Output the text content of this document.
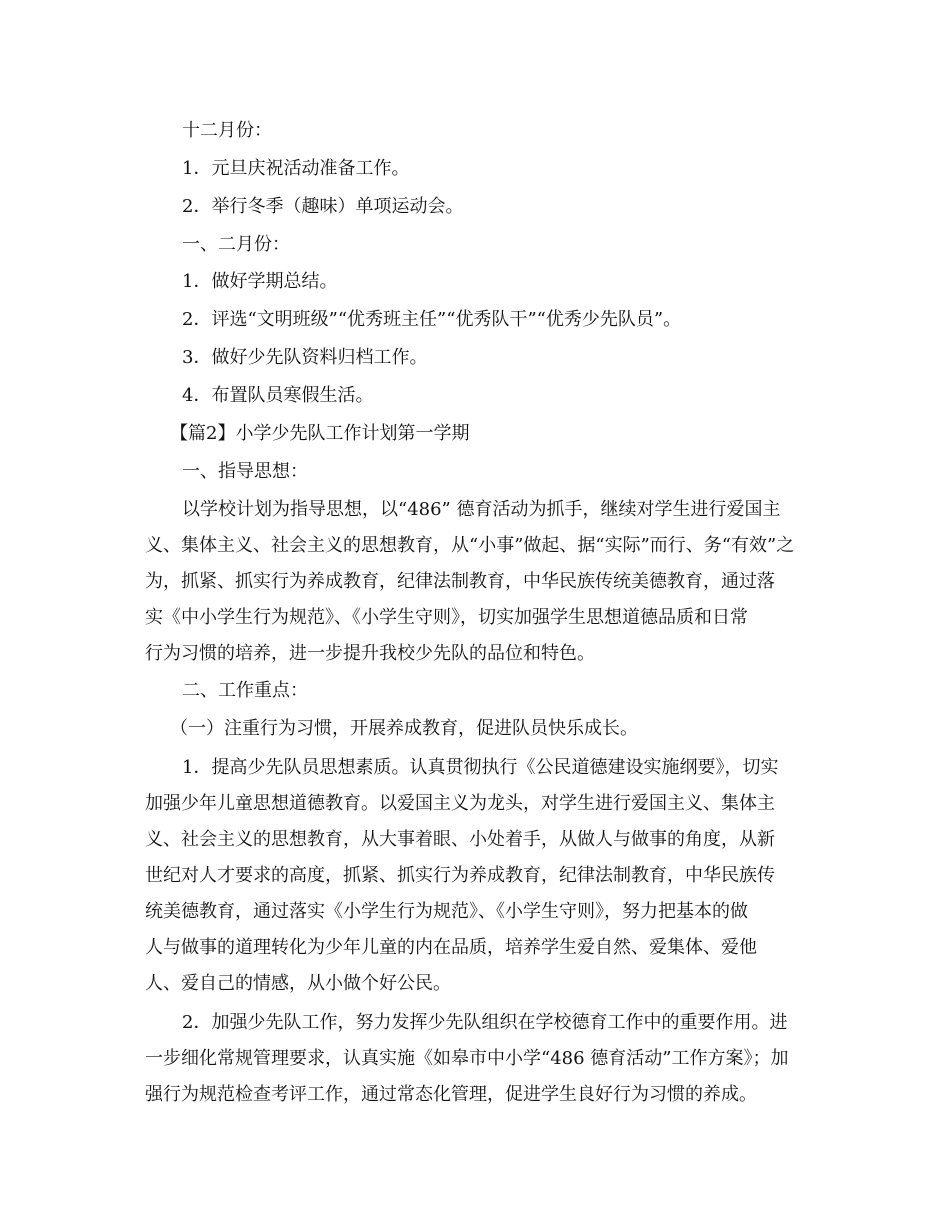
十二月份：
1．元旦庆祝活动准备工作。
2．举行冬季（趣味）单项运动会。
一、二月份：
1．做好学期总结。
2．评选“文明班级”“优秀班主任”“优秀队干”“优秀少先队员”。
3．做好少先队资料归档工作。
4．布置队员寒假生活。
【篇2】小学少先队工作计划第一学期
一、指导思想：
以学校计划为指导思想，以“486” 德育活动为抓手，继续对学生进行爱国主
义、集体主义、社会主义的思想教育，从“小事”做起、据“实际”而行、务“有效”之
为，抓紧、抓实行为养成教育，纪律法制教育，中华民族传统美德教育，通过落
实《中小学生行为规范》、《小学生守则》，切实加强学生思想道德品质和日常
行为习惯的培养，进一步提升我校少先队的品位和特色。
二、工作重点：
（一）注重行为习惯，开展养成教育，促进队员快乐成长。
1．提高少先队员思想素质。认真贯彻执行《公民道德建设实施纲要》，切实
加强少年儿童思想道德教育。以爱国主义为龙头，对学生进行爱国主义、集体主
义、社会主义的思想教育，从大事着眼、小处着手，从做人与做事的角度，从新
世纪对人才要求的高度，抓紧、抓实行为养成教育，纪律法制教育，中华民族传
统美德教育，通过落实《小学生行为规范》、《小学生守则》，努力把基本的做
人与做事的道理转化为少年儿童的内在品质，培养学生爱自然、爱集体、爱他
人、爱自己的情感，从小做个好公民。
2．加强少先队工作，努力发挥少先队组织在学校德育工作中的重要作用。进
一步细化常规管理要求，认真实施《如皋市中小学“486 德育活动”工作方案》；加
强行为规范检查考评工作，通过常态化管理，促进学生良好行为习惯的养成。
